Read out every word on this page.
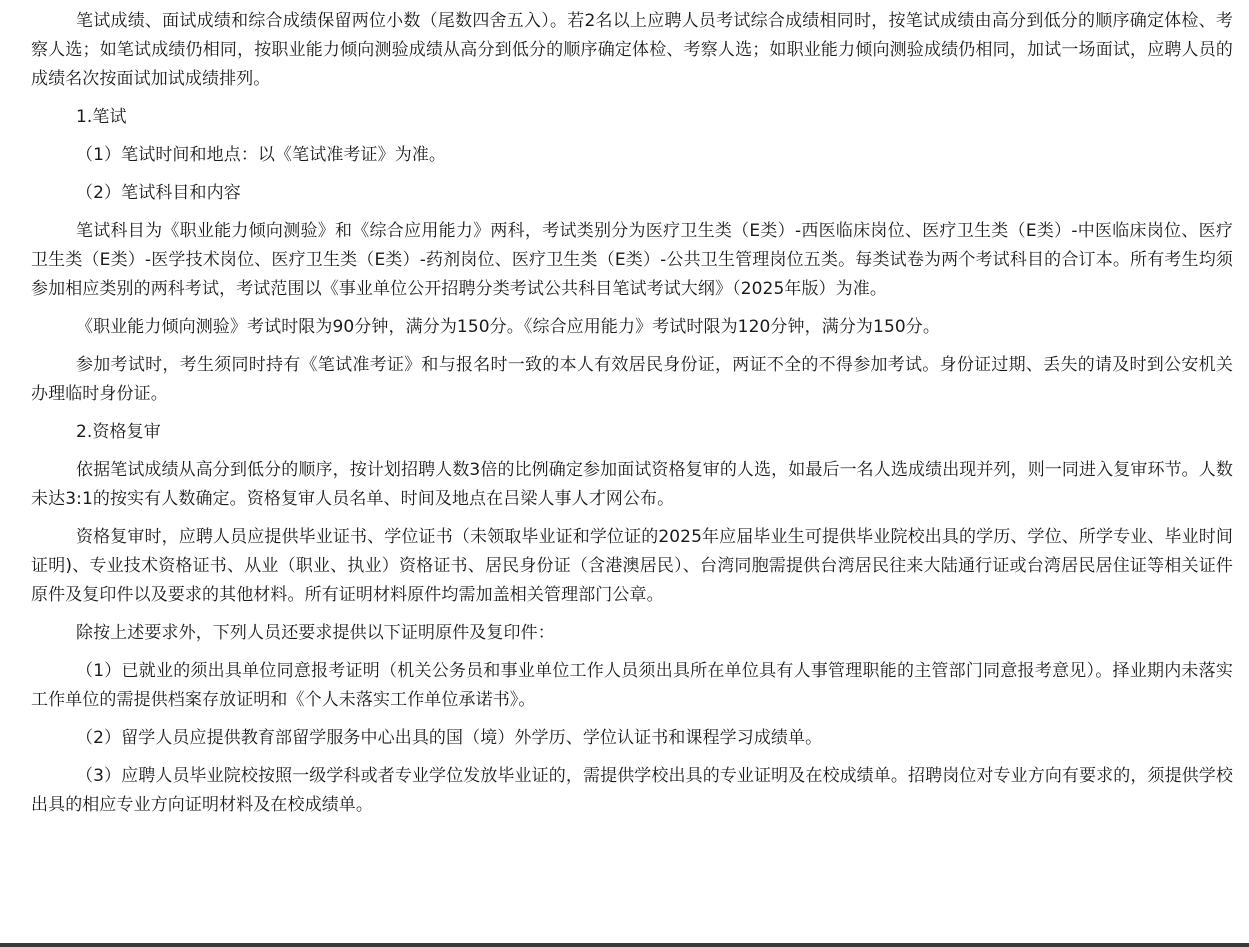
笔试成绩、面试成绩和综合成绩保留两位小数（尾数四舍五入）。若2名以上应聘人员考试综合成绩相同时，按笔试成绩由高分到低分的顺序确定体检、考察人选；如笔试成绩仍相同，按职业能力倾向测验成绩从高分到低分的顺序确定体检、考察人选；如职业能力倾向测验成绩仍相同，加试一场面试，应聘人员的成绩名次按面试加试成绩排列。

1.笔试

（1）笔试时间和地点：以《笔试准考证》为准。

（2）笔试科目和内容

笔试科目为《职业能力倾向测验》和《综合应用能力》两科，考试类别分为医疗卫生类（E类）-西医临床岗位、医疗卫生类（E类）-中医临床岗位、医疗卫生类（E类）-医学技术岗位、医疗卫生类（E类）-药剂岗位、医疗卫生类（E类）-公共卫生管理岗位五类。每类试卷为两个考试科目的合订本。所有考生均须参加相应类别的两科考试，考试范围以《事业单位公开招聘分类考试公共科目笔试考试大纲》（2025年版）为准。

《职业能力倾向测验》考试时限为90分钟，满分为150分。《综合应用能力》考试时限为120分钟，满分为150分。

参加考试时，考生须同时持有《笔试准考证》和与报名时一致的本人有效居民身份证，两证不全的不得参加考试。身份证过期、丢失的请及时到公安机关办理临时身份证。

2.资格复审

依据笔试成绩从高分到低分的顺序，按计划招聘人数3倍的比例确定参加面试资格复审的人选，如最后一名人选成绩出现并列，则一同进入复审环节。人数未达3:1的按实有人数确定。资格复审人员名单、时间及地点在吕梁人事人才网公布。

资格复审时，应聘人员应提供毕业证书、学位证书（未领取毕业证和学位证的2025年应届毕业生可提供毕业院校出具的学历、学位、所学专业、毕业时间证明)、专业技术资格证书、从业（职业、执业）资格证书、居民身份证（含港澳居民）、台湾同胞需提供台湾居民往来大陆通行证或台湾居民居住证等相关证件原件及复印件以及要求的其他材料。所有证明材料原件均需加盖相关管理部门公章。

除按上述要求外，下列人员还要求提供以下证明原件及复印件：

（1）已就业的须出具单位同意报考证明（机关公务员和事业单位工作人员须出具所在单位具有人事管理职能的主管部门同意报考意见）。择业期内未落实工作单位的需提供档案存放证明和《个人未落实工作单位承诺书》。

（2）留学人员应提供教育部留学服务中心出具的国（境）外学历、学位认证书和课程学习成绩单。

（3）应聘人员毕业院校按照一级学科或者专业学位发放毕业证的，需提供学校出具的专业证明及在校成绩单。招聘岗位对专业方向有要求的，须提供学校出具的相应专业方向证明材料及在校成绩单。
